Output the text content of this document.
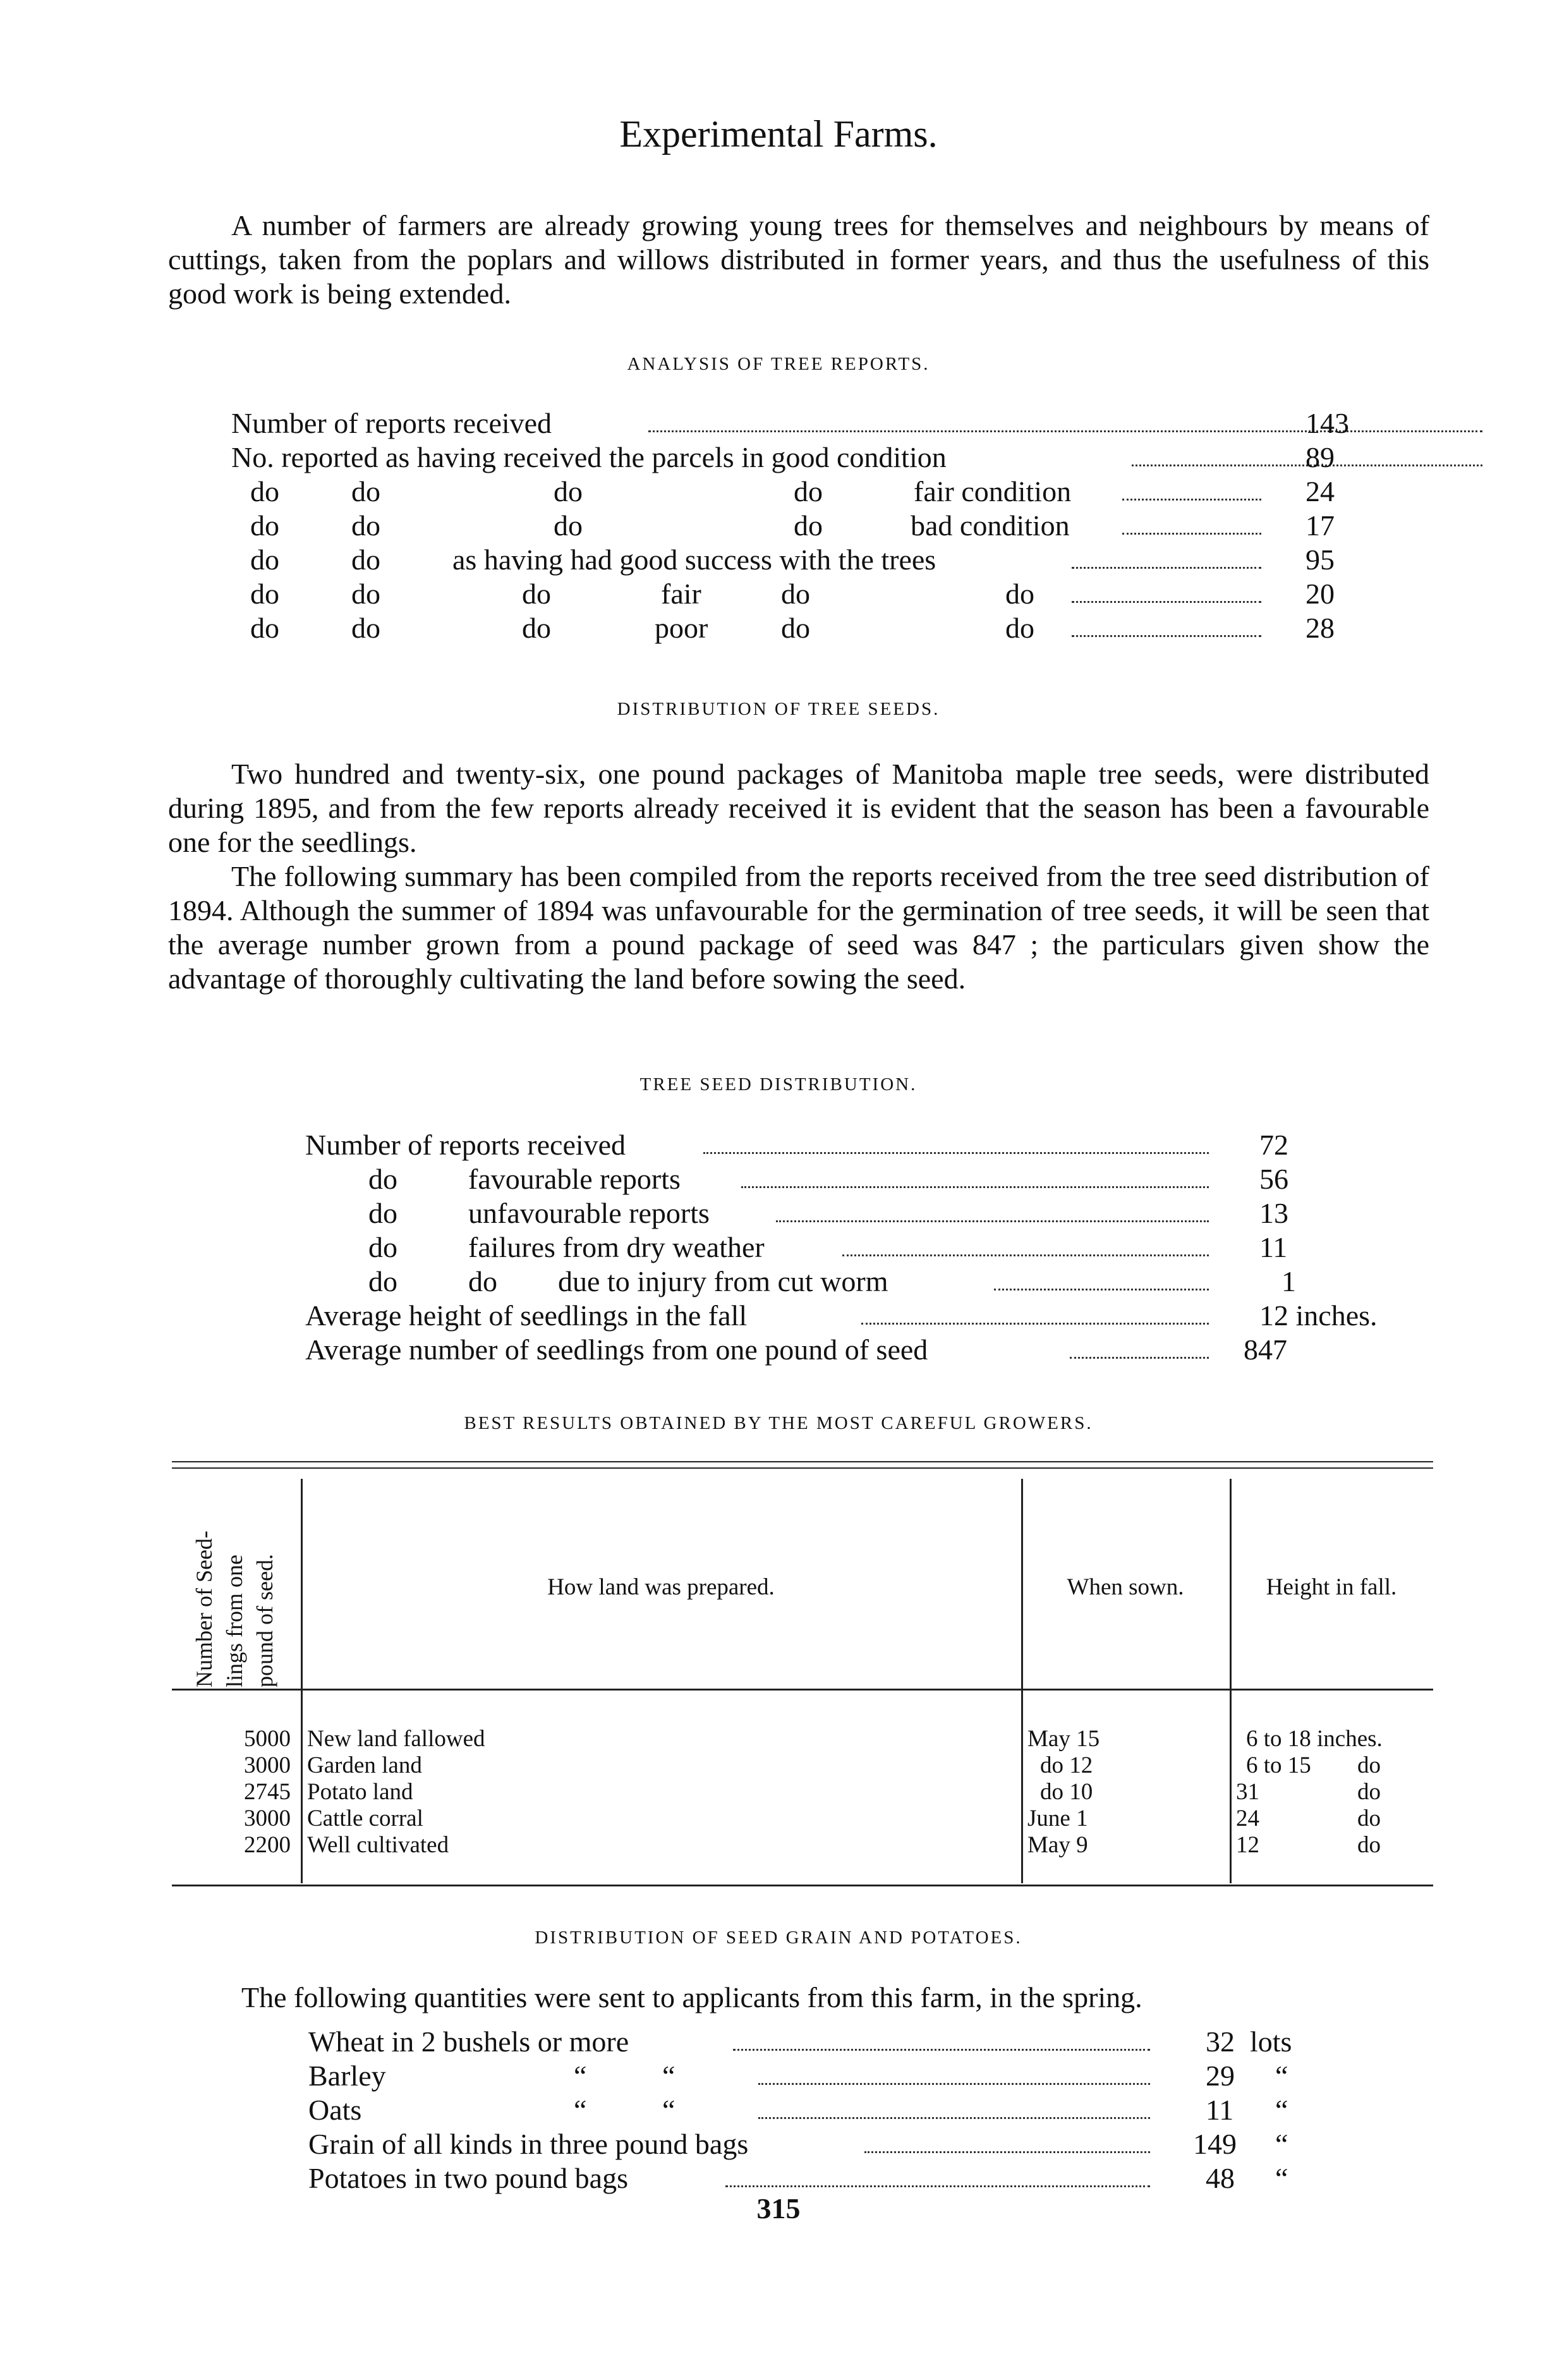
Experimental Farms.

A number of farmers are already growing young trees for themselves and neighbours by means of cuttings, taken from the poplars and willows distributed in former years, and thus the usefulness of this good work is being extended.

ANALYSIS OF TREE REPORTS.
Number of reports received	143
No. reported as having received the parcels in good condition	89
do do	do	do	fair condition	24
do do	do	do	bad condition	17
do do as having had good success with the trees	95
do do	do	fair	do	do	20
do do	do	poor	do	do	28
DISTRIBUTION OF TREE SEEDS.

Two hundred and twenty-six, one pound packages of Manitoba maple tree seeds, were distributed during 1895, and from the few reports already received it is evident that the season has been a favourable one for the seedlings.

The following summary has been compiled from the reports received from the tree seed distribution of 1894. Although the summer of 1894 was unfavourable for the germination of tree seeds, it will be seen that the average number grown from a pound package of seed was 847 ; the particulars given show the advantage of thoroughly cultivating the land before sowing the seed.

TREE SEED DISTRIBUTION.
Number of reports received	72
do favourable reports	56
do unfavourable reports	13
do failures from dry weather	11
do do due to injury from cut worm	1
Average height of seedlings in the fall	12 inches.
Average number of seedlings from one pound of seed	847
BEST RESULTS OBTAINED BY THE MOST CAREFUL GROWERS.
Number of Seed- lings from one pound of seed.	How land was prepared.	When sown.	Height in fall.
5000 New land fallowed	May 15	6 to 18 inches.
3000 Garden land	do 12	6 to 15 do
2745 Potato land	do 10	31	do
3000 Cattle corral	June 1	24	do
2200 Well cultivated	May 9	12	do
DISTRIBUTION OF SEED GRAIN AND POTATOES.
The following quantities were sent to applicants from this farm, in the spring.
Wheat in 2 bushels or more	32 lots
Barley	“	“	29 “
Oats	“	“	11 “
Grain of all kinds in three pound bags	149 “
Potatoes in two pound bags	48 “
315
